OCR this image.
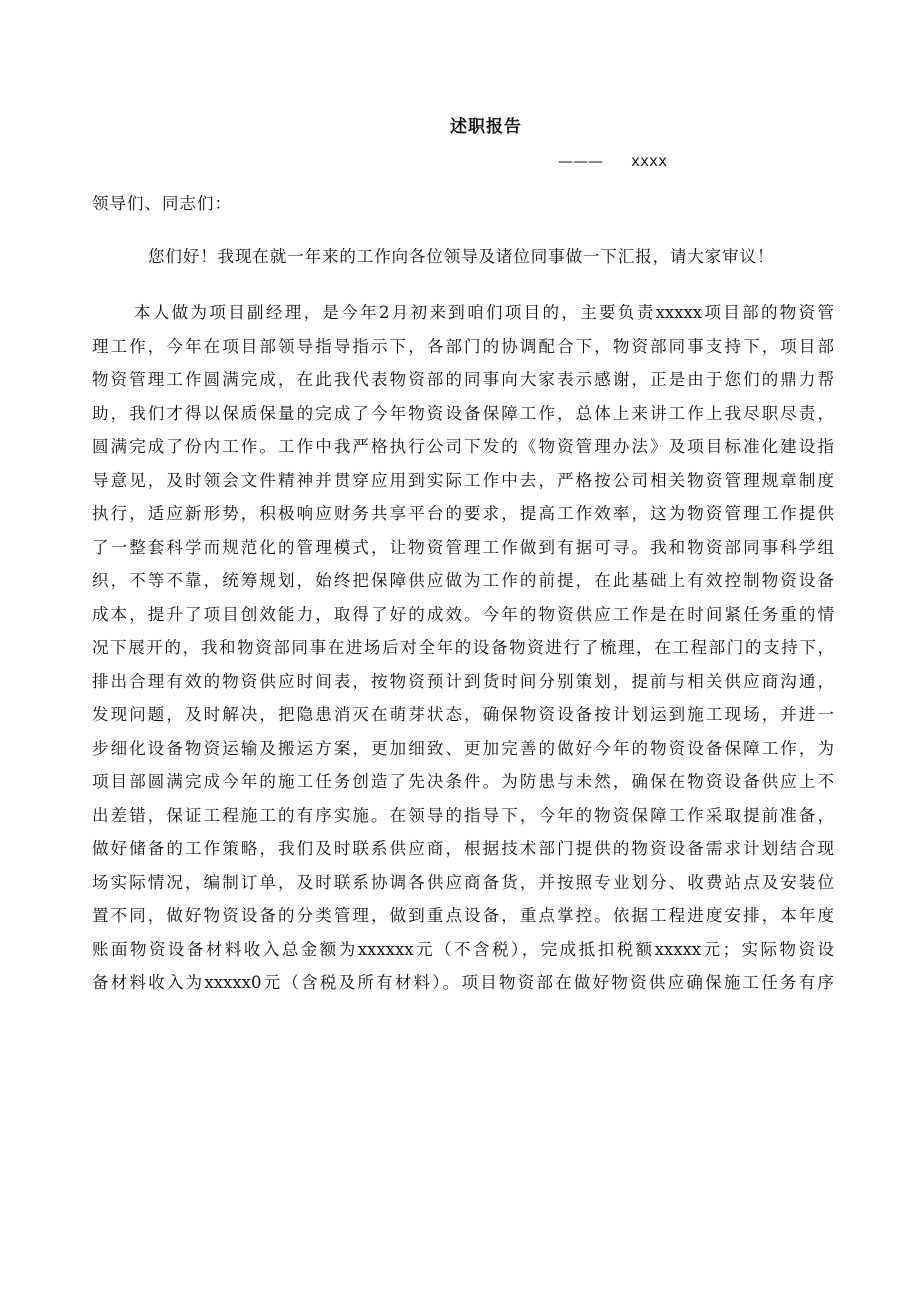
述职报告

——— xxxx

领导们、同志们：

您们好！我现在就一年来的工作向各位领导及诸位同事做一下汇报，请大家审议！

本人做为项目副经理，是今年2月初来到咱们项目的，主要负责xxxxx项目部的物资管
理工作，今年在项目部领导指导指示下，各部门的协调配合下，物资部同事支持下，项目部
物资管理工作圆满完成，在此我代表物资部的同事向大家表示感谢，正是由于您们的鼎力帮
助，我们才得以保质保量的完成了今年物资设备保障工作，总体上来讲工作上我尽职尽责，
圆满完成了份内工作。工作中我严格执行公司下发的《物资管理办法》及项目标准化建设指
导意见，及时领会文件精神并贯穿应用到实际工作中去，严格按公司相关物资管理规章制度
执行，适应新形势，积极响应财务共享平台的要求，提高工作效率，这为物资管理工作提供
了一整套科学而规范化的管理模式，让物资管理工作做到有据可寻。我和物资部同事科学组
织，不等不靠，统筹规划，始终把保障供应做为工作的前提，在此基础上有效控制物资设备
成本，提升了项目创效能力，取得了好的成效。今年的物资供应工作是在时间紧任务重的情
况下展开的，我和物资部同事在进场后对全年的设备物资进行了梳理，在工程部门的支持下，
排出合理有效的物资供应时间表，按物资预计到货时间分别策划，提前与相关供应商沟通，
发现问题，及时解决，把隐患消灭在萌芽状态，确保物资设备按计划运到施工现场，并进一
步细化设备物资运输及搬运方案，更加细致、更加完善的做好今年的物资设备保障工作，为
项目部圆满完成今年的施工任务创造了先决条件。为防患与未然，确保在物资设备供应上不
出差错，保证工程施工的有序实施。在领导的指导下，今年的物资保障工作采取提前准备，
做好储备的工作策略，我们及时联系供应商，根据技术部门提供的物资设备需求计划结合现
场实际情况，编制订单，及时联系协调各供应商备货，并按照专业划分、收费站点及安装位
置不同，做好物资设备的分类管理，做到重点设备，重点掌控。依据工程进度安排，本年度
账面物资设备材料收入总金额为xxxxxx元（不含税），完成抵扣税额xxxxx元；实际物资设
备材料收入为xxxxx0元（含税及所有材料）。项目物资部在做好物资供应确保施工任务有序
